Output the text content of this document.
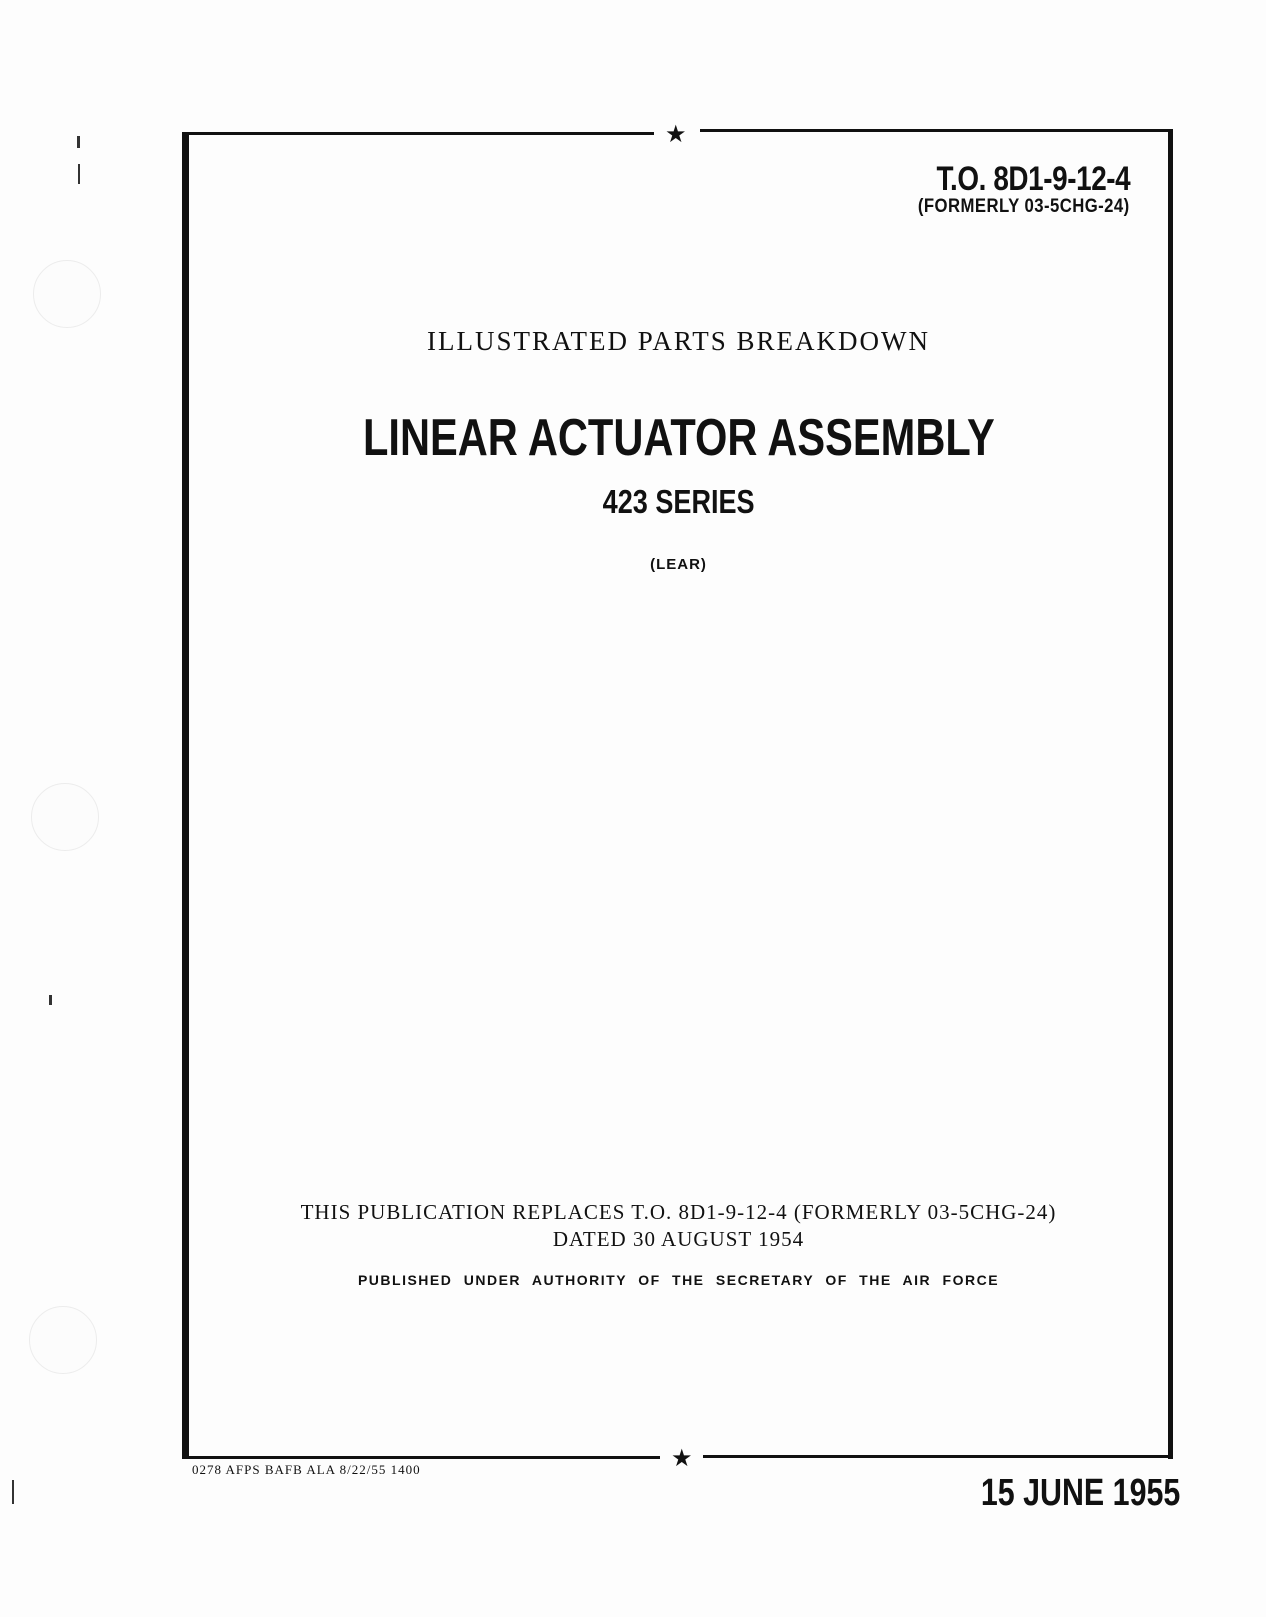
★
★
T.O. 8D1-9-12-4
(FORMERLY 03-5CHG-24)
ILLUSTRATED PARTS BREAKDOWN
LINEAR ACTUATOR ASSEMBLY
423 SERIES
(LEAR)
THIS PUBLICATION REPLACES T.O. 8D1-9-12-4 (FORMERLY 03-5CHG-24)
DATED 30 AUGUST 1954
PUBLISHED UNDER AUTHORITY OF THE SECRETARY OF THE AIR FORCE
0278 AFPS BAFB ALA 8/22/55 1400
15 JUNE 1955
